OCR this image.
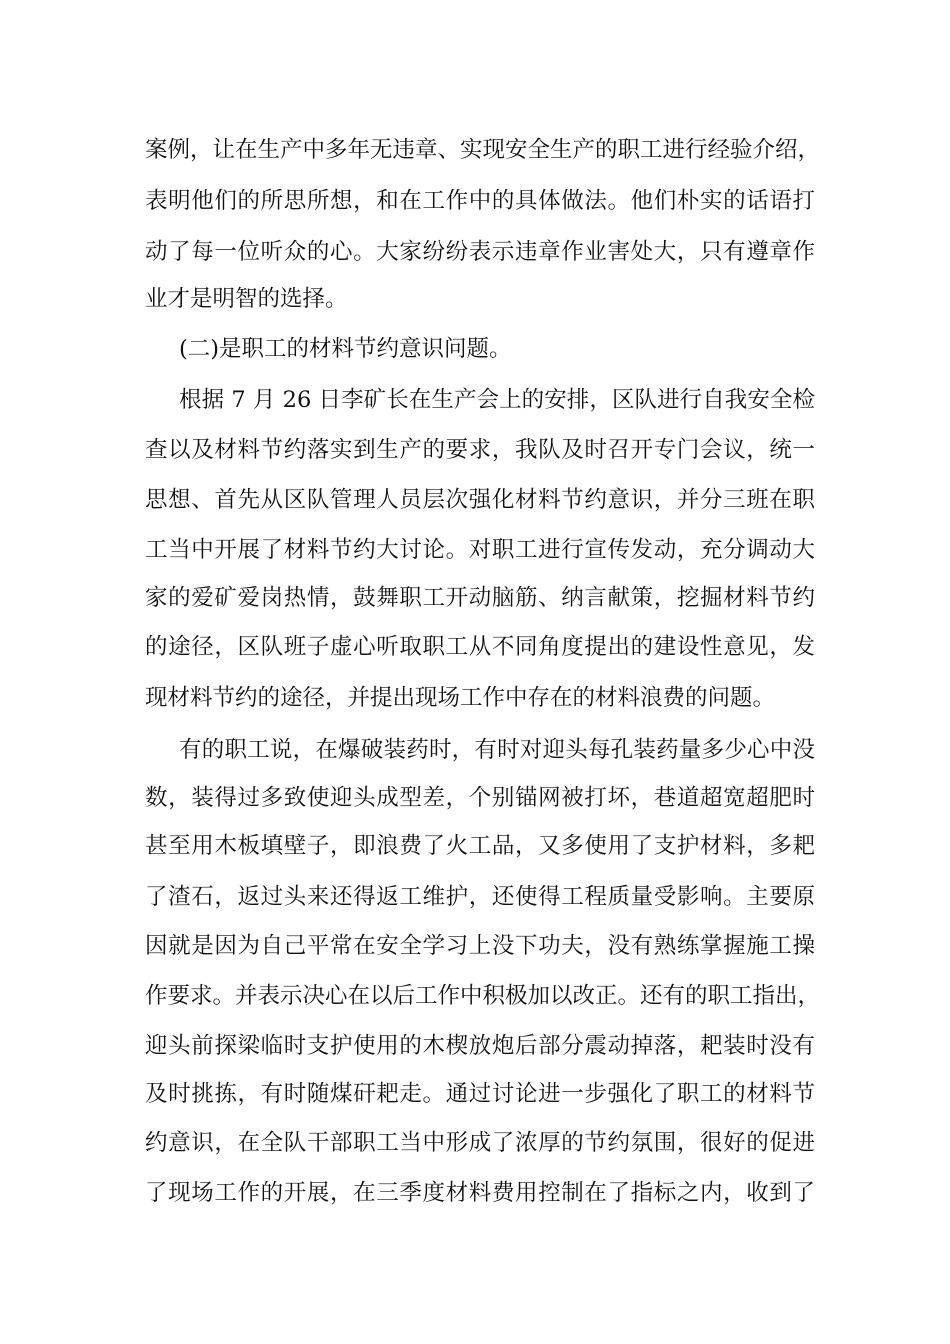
案例，让在生产中多年无违章、实现安全生产的职工进行经验介绍，
表明他们的所思所想，和在工作中的具体做法。他们朴实的话语打
动了每一位听众的心。大家纷纷表示违章作业害处大，只有遵章作
业才是明智的选择。
(二)是职工的材料节约意识问题。
根据 7 月 26 日李矿长在生产会上的安排，区队进行自我安全检
查以及材料节约落实到生产的要求，我队及时召开专门会议，统一
思想、首先从区队管理人员层次强化材料节约意识，并分三班在职
工当中开展了材料节约大讨论。对职工进行宣传发动，充分调动大
家的爱矿爱岗热情，鼓舞职工开动脑筋、纳言献策，挖掘材料节约
的途径，区队班子虚心听取职工从不同角度提出的建设性意见，发
现材料节约的途径，并提出现场工作中存在的材料浪费的问题。
有的职工说，在爆破装药时，有时对迎头每孔装药量多少心中没
数，装得过多致使迎头成型差，个别锚网被打坏，巷道超宽超肥时
甚至用木板填壁子，即浪费了火工品，又多使用了支护材料，多耙
了渣石，返过头来还得返工维护，还使得工程质量受影响。主要原
因就是因为自己平常在安全学习上没下功夫，没有熟练掌握施工操
作要求。并表示决心在以后工作中积极加以改正。还有的职工指出，
迎头前探梁临时支护使用的木楔放炮后部分震动掉落，耙装时没有
及时挑拣，有时随煤矸耙走。通过讨论进一步强化了职工的材料节
约意识，在全队干部职工当中形成了浓厚的节约氛围，很好的促进
了现场工作的开展，在三季度材料费用控制在了指标之内，收到了
